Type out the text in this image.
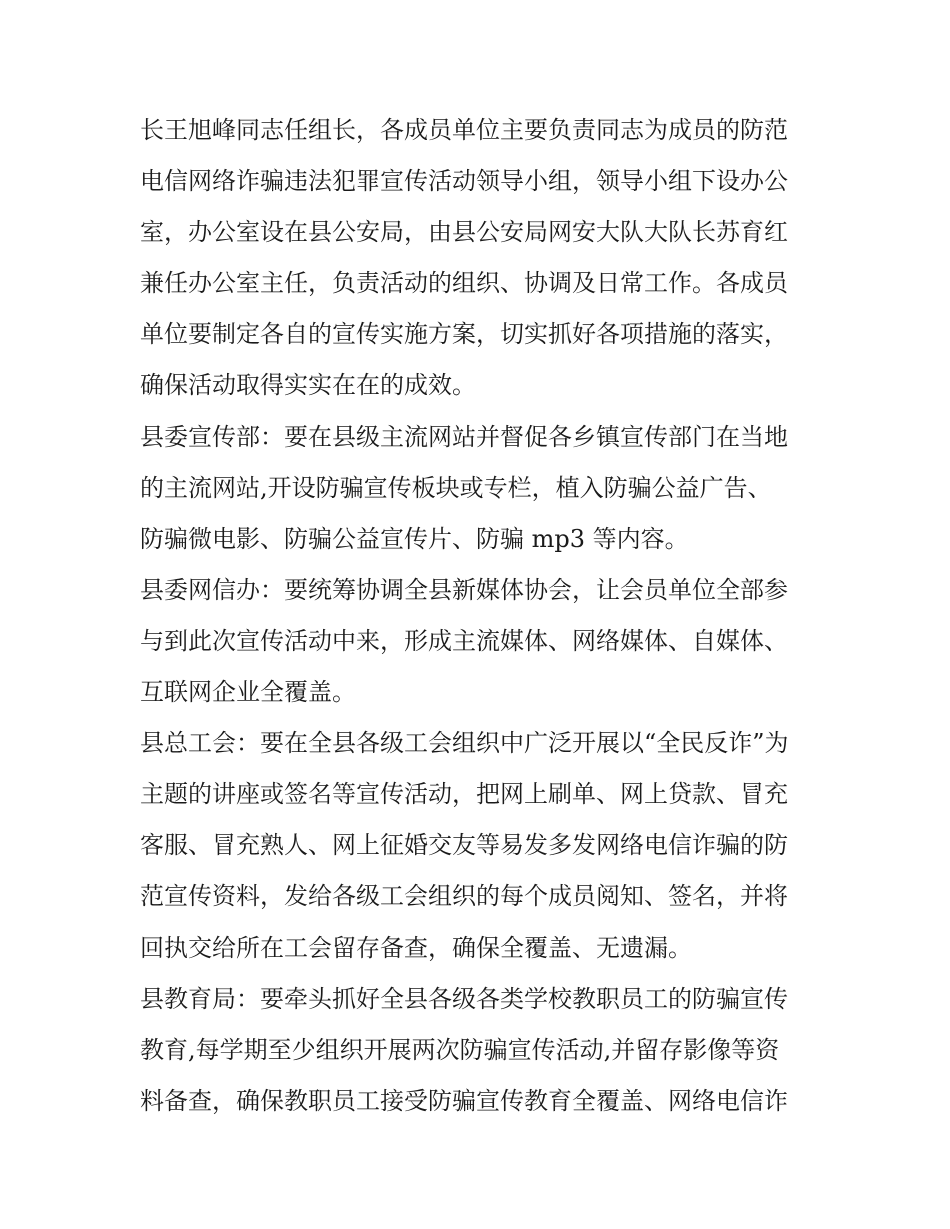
长王旭峰同志任组长，各成员单位主要负责同志为成员的防范
电信网络诈骗违法犯罪宣传活动领导小组，领导小组下设办公
室，办公室设在县公安局，由县公安局网安大队大队长苏育红
兼任办公室主任，负责活动的组织、协调及日常工作。各成员
单位要制定各自的宣传实施方案，切实抓好各项措施的落实，
确保活动取得实实在在的成效。
县委宣传部：要在县级主流网站并督促各乡镇宣传部门在当地
的主流网站,开设防骗宣传板块或专栏，植入防骗公益广告、
防骗微电影、防骗公益宣传片、防骗 mp3 等内容。
县委网信办：要统筹协调全县新媒体协会，让会员单位全部参
与到此次宣传活动中来，形成主流媒体、网络媒体、自媒体、
互联网企业全覆盖。
县总工会：要在全县各级工会组织中广泛开展以“全民反诈”为
主题的讲座或签名等宣传活动，把网上刷单、网上贷款、冒充
客服、冒充熟人、网上征婚交友等易发多发网络电信诈骗的防
范宣传资料，发给各级工会组织的每个成员阅知、签名，并将
回执交给所在工会留存备查，确保全覆盖、无遗漏。
县教育局：要牵头抓好全县各级各类学校教职员工的防骗宣传
教育,每学期至少组织开展两次防骗宣传活动,并留存影像等资
料备查，确保教职员工接受防骗宣传教育全覆盖、网络电信诈
